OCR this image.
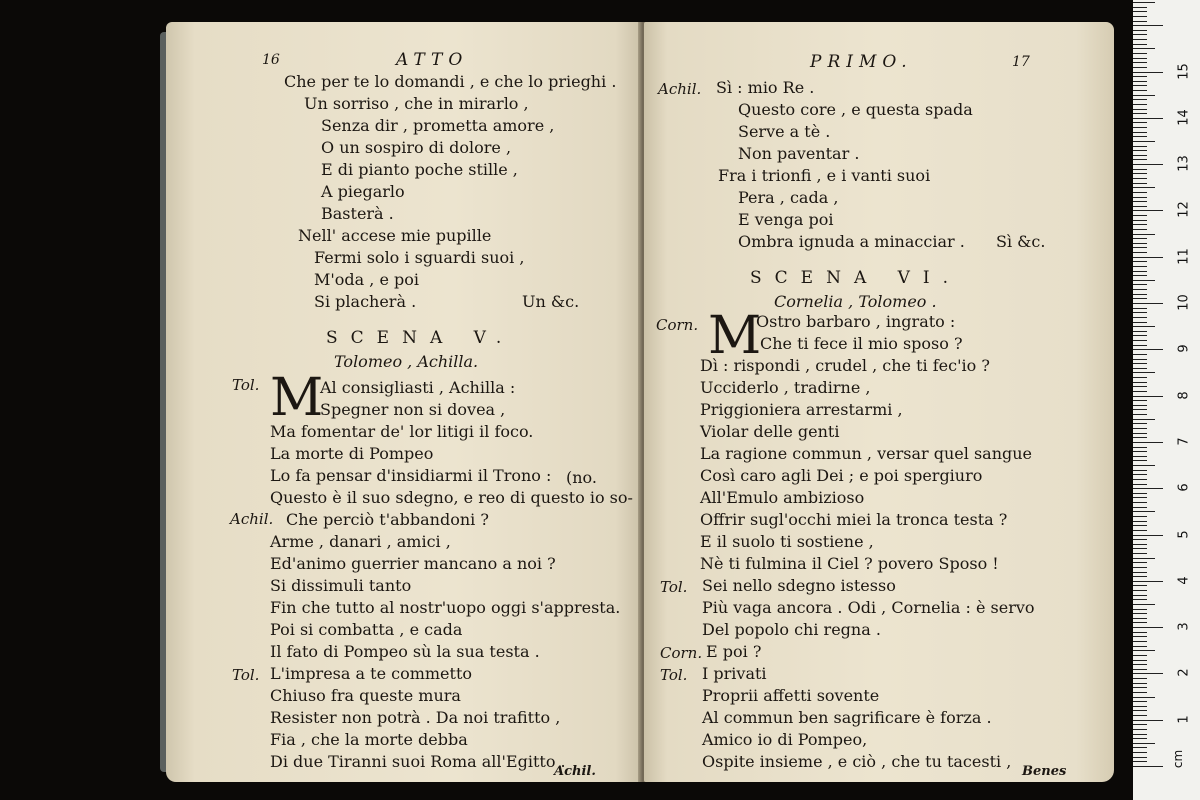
16	ATTO
Che per te lo domandi , e che lo prieghi .
Un sorriso , che in mirarlo ,
Senza dir , prometta amore ,
O un sospiro di dolore ,
E di pianto poche stille ,
A piegarlo
Basterà .
Nell' accese mie pupille
Fermi solo i sguardi suoi ,
M'oda , e poi
Si placherà .	Un &c.
SCENA V.
Tolomeo , Achilla.
Tol. M
Al consigliasti , Achilla :
Spegner non si dovea ,
Ma fomentar de' lor litigi il foco.
La morte di Pompeo
Lo fa pensar d'insidiarmi il Trono : (no.
Questo è il suo sdegno, e reo di questo io so-
Achil. Che perciò t'abbandoni ?
Arme , danari , amici ,
Ed'animo guerrier mancano a noi ?
Si dissimuli tanto
Fin che tutto al nostr'uopo oggi s'appresta.
Poi si combatta , e cada
Il fato di Pompeo sù la sua testa .
Tol. L'impresa a te commetto
Chiuso fra queste mura
Resister non potrà . Da noi trafitto ,
Fia , che la morte debba
Di due Tiranni suoi Roma all'Egitto .
Achil.
PRIMO.	17
Achil. Sì : mio Re .
Questo core , e questa spada
Serve a tè .
Non paventar .
Fra i trionfi , e i vanti suoi
Pera , cada ,
E venga poi
Ombra ignuda a minacciar . Sì &c.
SCENA VI.
Cornelia , Tolomeo .
Corn. M
Ostro barbaro , ingrato :
Che ti fece il mio sposo ?
Dì : rispondi , crudel , che ti fec'io ?
Ucciderlo , tradirne ,
Priggioniera arrestarmi ,
Violar delle genti
La ragione commun , versar quel sangue
Così caro agli Dei ; e poi spergiuro
All'Emulo ambizioso
Offrir sugl'occhi miei la tronca testa ?
E il suolo ti sostiene ,
Nè ti fulmina il Ciel ? povero Sposo !
Tol. Sei nello sdegno istesso
Più vaga ancora . Odi , Cornelia : è servo
Del popolo chi regna .
Corn. E poi ?
Tol. I privati
Proprii affetti sovente
Al commun ben sagrificare è forza .
Amico io di Pompeo,
Ospite insieme , e ciò , che tu tacesti ,
Benes
cm
1
2
3
4
5
6
7
8
9
10
11
12
13
14
15
